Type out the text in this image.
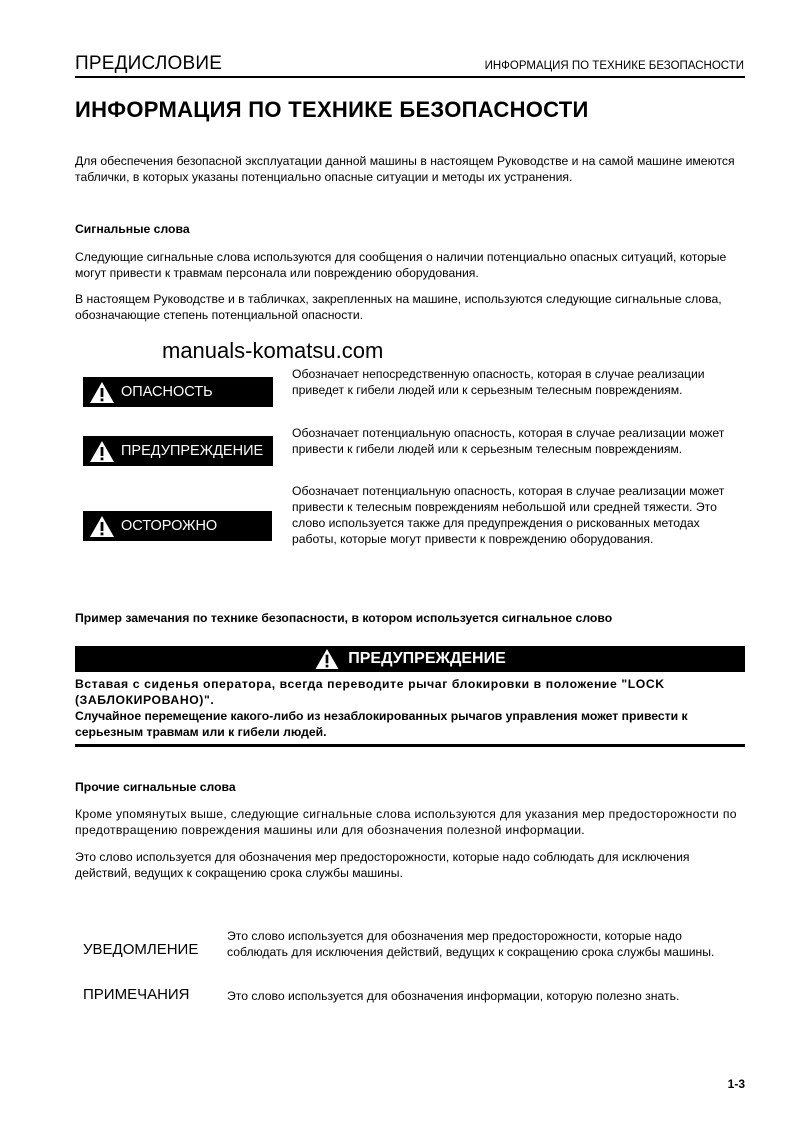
ПРЕДИСЛОВИЕ	ИНФОРМАЦИЯ ПО ТЕХНИКЕ БЕЗОПАСНОСТИ
ИНФОРМАЦИЯ ПО ТЕХНИКЕ БЕЗОПАСНОСТИ
Для обеспечения безопасной эксплуатации данной машины в настоящем Руководстве и на самой машине имеются таблички, в которых указаны потенциально опасные ситуации и методы их устранения.
Сигнальные слова
Следующие сигнальные слова используются для сообщения о наличии потенциально опасных ситуаций, которые могут привести к травмам персонала или повреждению оборудования.
В настоящем Руководстве и в табличках, закрепленных на машине, используются следующие сигнальные слова, обозначающие степень потенциальной опасности.
manuals-komatsu.com
ОПАСНОСТЬ
Обозначает непосредственную опасность, которая в случае реализации приведет к гибели людей или к серьезным телесным повреждениям.
ПРЕДУПРЕЖДЕНИЕ
Обозначает потенциальную опасность, которая в случае реализации может привести к гибели людей или к серьезным телесным повреждениям.
ОСТОРОЖНО
Обозначает потенциальную опасность, которая в случае реализации может привести к телесным повреждениям небольшой или средней тяжести. Это слово используется также для предупреждения о рискованных методах работы, которые могут привести к повреждению оборудования.
Пример замечания по технике безопасности, в котором используется сигнальное слово
ПРЕДУПРЕЖДЕНИЕ
Вставая с сиденья оператора, всегда переводите рычаг блокировки в положение "LOCK (ЗАБЛОКИРОВАНО)".
Случайное перемещение какого-либо из незаблокированных рычагов управления может привести к серьезным травмам или к гибели людей.
Прочие сигнальные слова
Кроме упомянутых выше, следующие сигнальные слова используются для указания мер предосторожности по предотвращению повреждения машины или для обозначения полезной информации.
Это слово используется для обозначения мер предосторожности, которые надо соблюдать для исключения действий, ведущих к сокращению срока службы машины.
УВЕДОМЛЕНИЕ
Это слово используется для обозначения мер предосторожности, которые надо соблюдать для исключения действий, ведущих к сокращению срока службы машины.
ПРИМЕЧАНИЯ	Это слово используется для обозначения информации, которую полезно знать.
1-3
